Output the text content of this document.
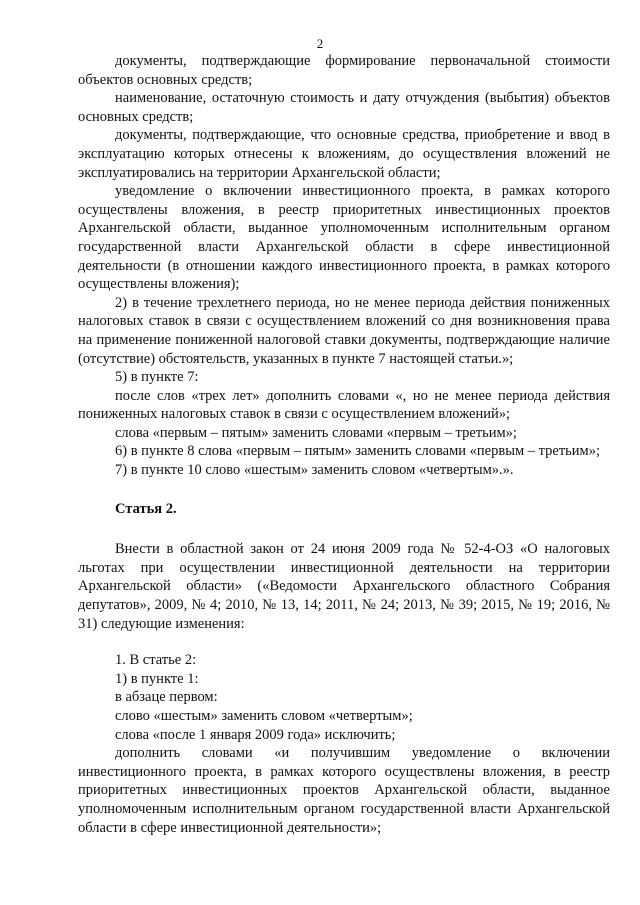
2

документы, подтверждающие формирование первоначальной стоимости объектов основных средств;

наименование, остаточную стоимость и дату отчуждения (выбытия) объектов основных средств;

документы, подтверждающие, что основные средства, приобретение и ввод в эксплуатацию которых отнесены к вложениям, до осуществления вложений не эксплуатировались на территории Архангельской области;

уведомление о включении инвестиционного проекта, в рамках которого осуществлены вложения, в реестр приоритетных инвестиционных проектов Архангельской области, выданное уполномоченным исполнительным органом государственной власти Архангельской области в сфере инвестиционной деятельности (в отношении каждого инвестиционного проекта, в рамках которого осуществлены вложения);

2) в течение трехлетнего периода, но не менее периода действия пониженных налоговых ставок в связи с осуществлением вложений со дня возникновения права на применение пониженной налоговой ставки документы, подтверждающие наличие (отсутствие) обстоятельств, указанных в пункте 7 настоящей статьи.»;

5) в пункте 7:

после слов «трех лет» дополнить словами «, но не менее периода действия пониженных налоговых ставок в связи с осуществлением вложений»;

слова «первым – пятым» заменить словами «первым – третьим»;

6) в пункте 8 слова «первым – пятым» заменить словами «первым – третьим»;

7) в пункте 10 слово «шестым» заменить словом «четвертым».».

Статья 2.

Внести в областной закон от 24 июня 2009 года № 52-4-ОЗ «О налоговых льготах при осуществлении инвестиционной деятельности на территории Архангельской области» («Ведомости Архангельского областного Собрания депутатов», 2009, № 4; 2010, № 13, 14; 2011, № 24; 2013, № 39; 2015, № 19; 2016, № 31) следующие изменения:

1. В статье 2:

1) в пункте 1:

в абзаце первом:

слово «шестым» заменить словом «четвертым»;

слова «после 1 января 2009 года» исключить;

дополнить словами «и получившим уведомление о включении инвестиционного проекта, в рамках которого осуществлены вложения, в реестр приоритетных инвестиционных проектов Архангельской области, выданное уполномоченным исполнительным органом государственной власти Архангельской области в сфере инвестиционной деятельности»;
